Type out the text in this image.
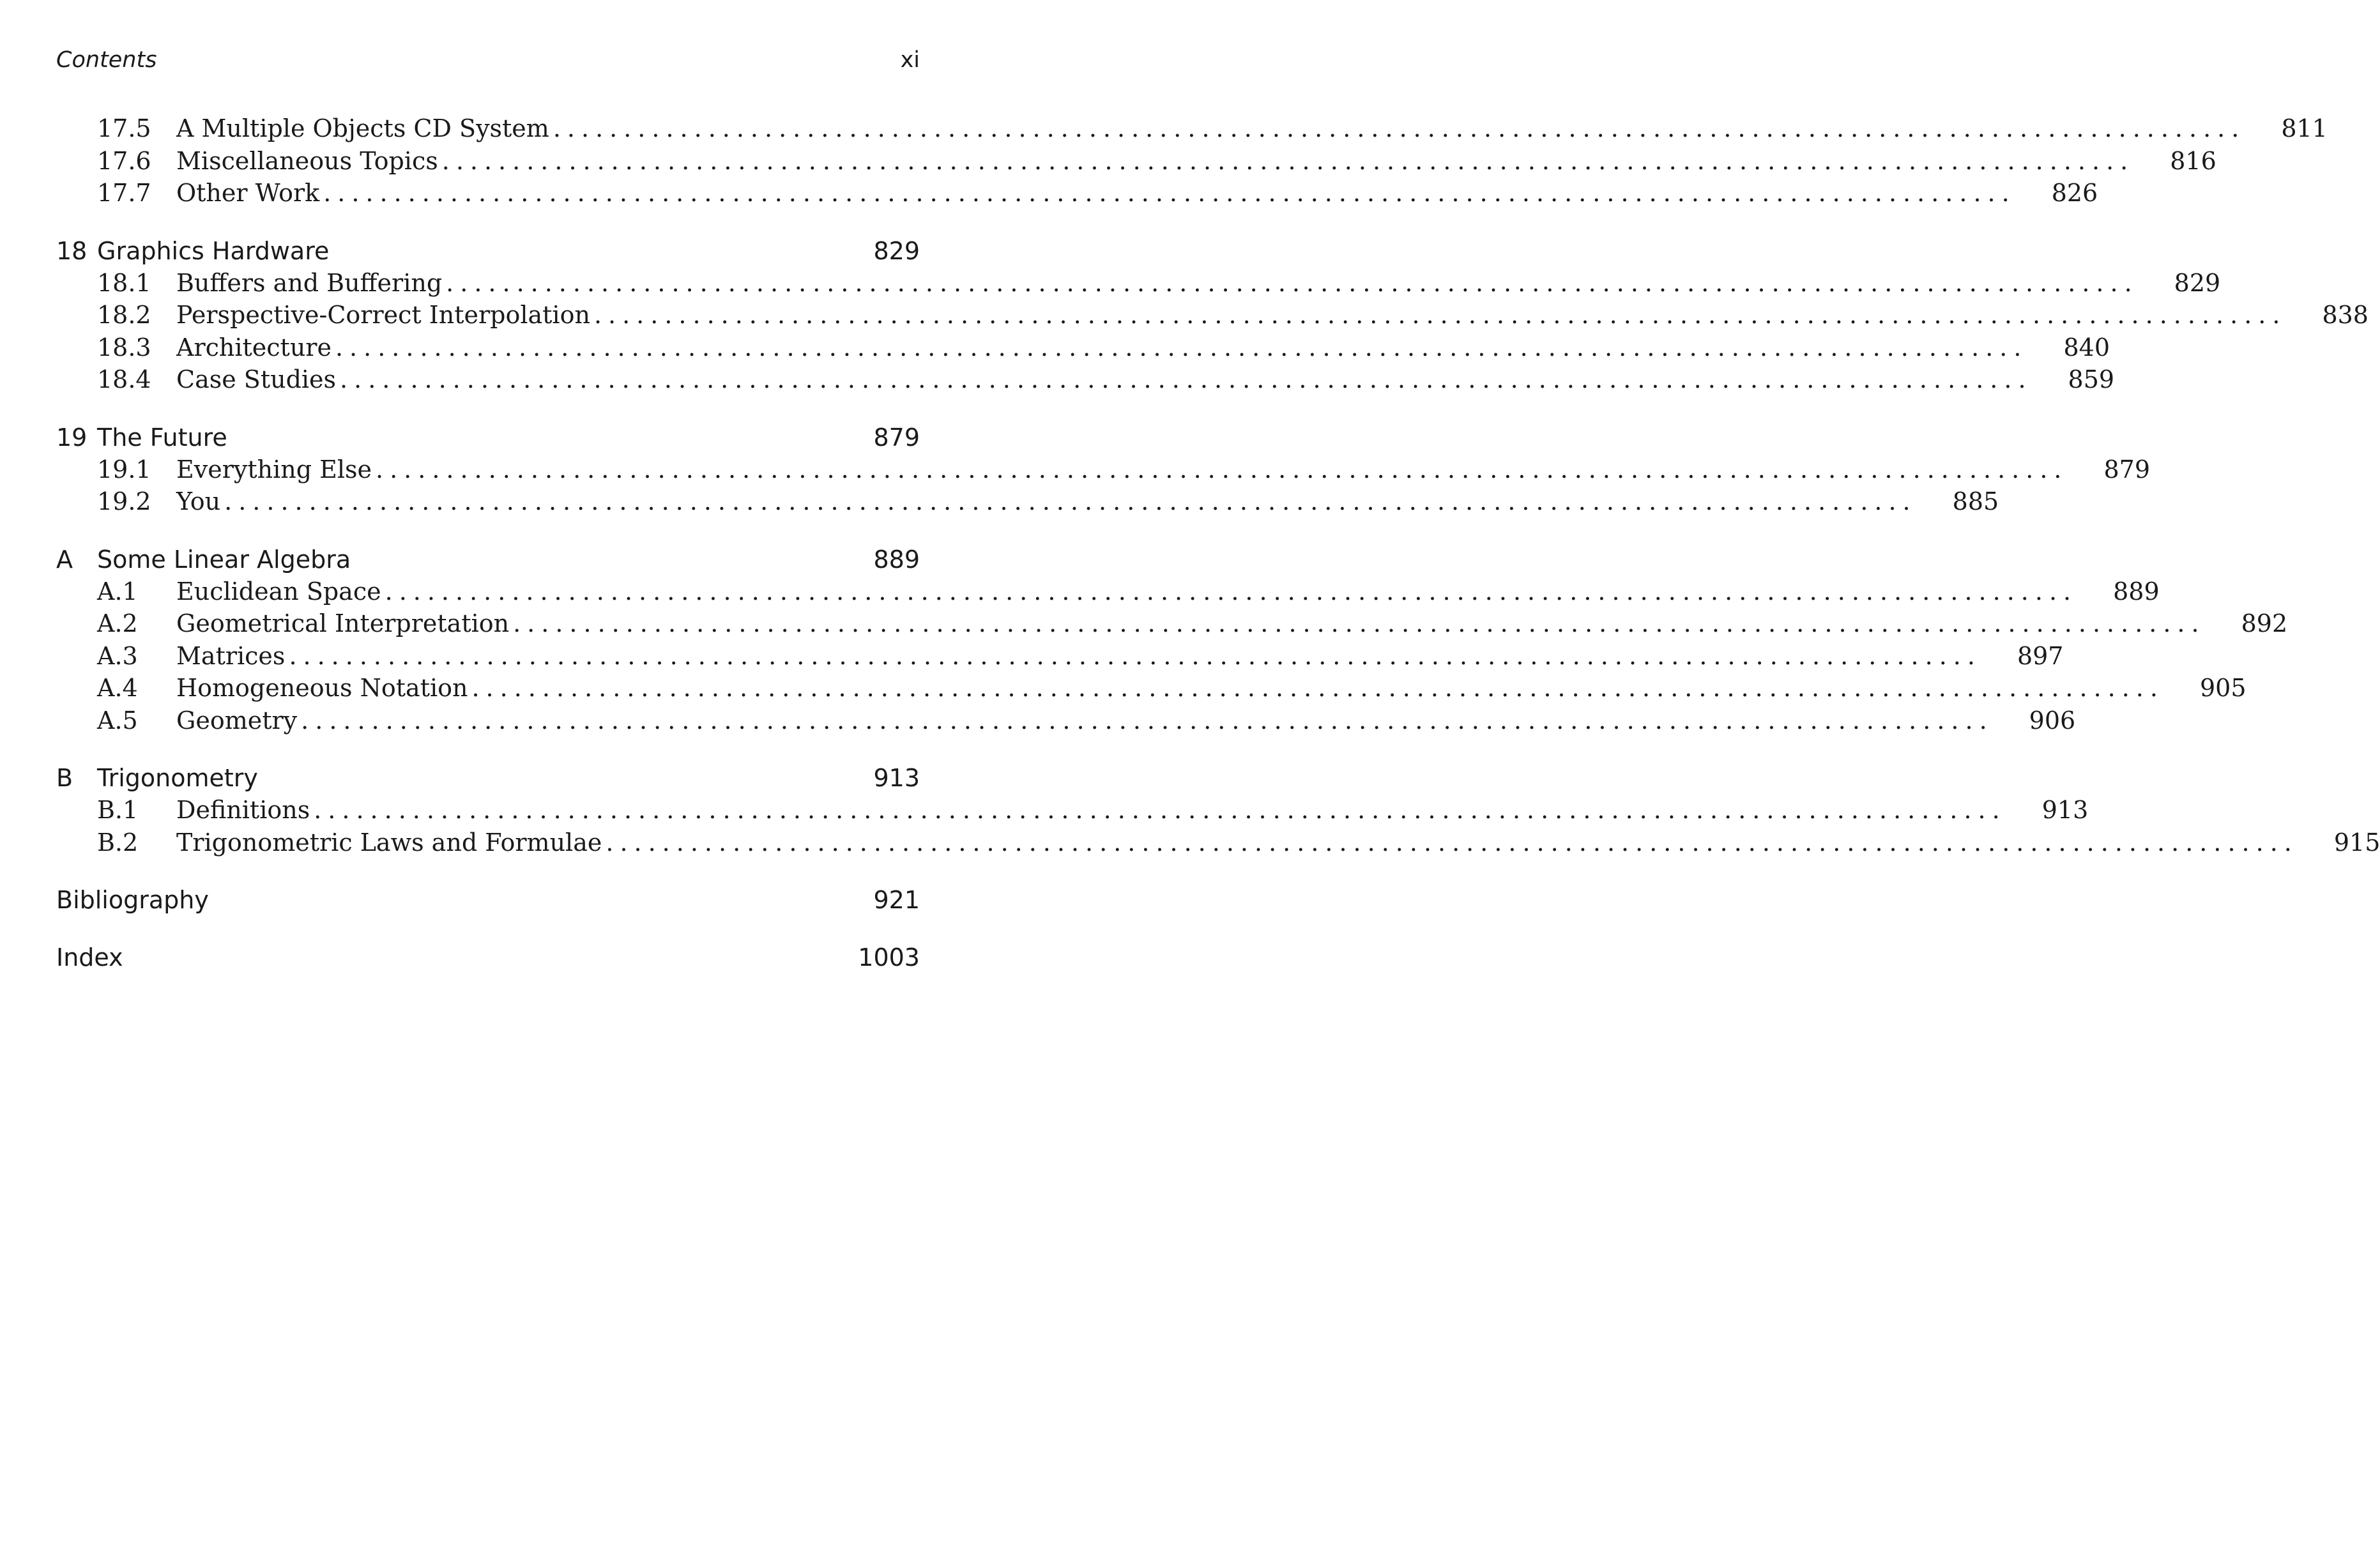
Contents	xi
17.5 A Multiple Objects CD System ........................................................................................................................ 811
17.6 Miscellaneous Topics ........................................................................................................................ 816
17.7 Other Work ........................................................................................................................ 826
18 Graphics Hardware	829
18.1 Buffers and Buffering ........................................................................................................................ 829
18.2 Perspective-Correct Interpolation ........................................................................................................................ 838
18.3 Architecture ........................................................................................................................ 840
18.4 Case Studies ........................................................................................................................ 859
19 The Future	879
19.1 Everything Else ........................................................................................................................ 879
19.2 You ........................................................................................................................ 885
A Some Linear Algebra	889
A.1 Euclidean Space ........................................................................................................................ 889
A.2 Geometrical Interpretation ........................................................................................................................ 892
A.3 Matrices ........................................................................................................................ 897
A.4 Homogeneous Notation ........................................................................................................................ 905
A.5 Geometry ........................................................................................................................ 906
B Trigonometry	913
B.1 Definitions ........................................................................................................................ 913
B.2 Trigonometric Laws and Formulae ........................................................................................................................ 915
Bibliography	921
Index	1003
